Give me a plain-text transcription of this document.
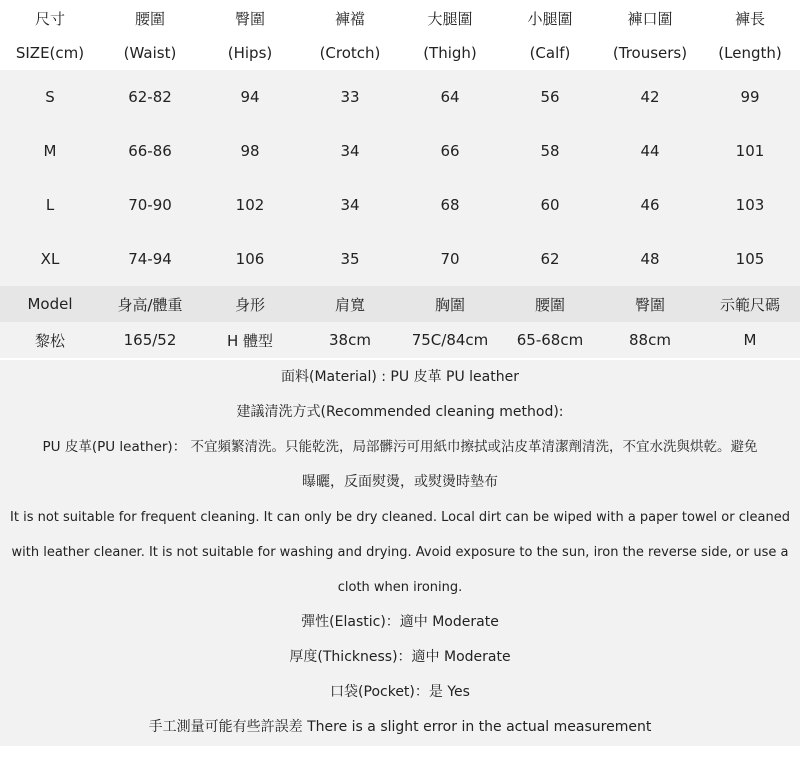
尺寸	腰圍	臀圍	褲襠	大腿圍	小腿圍	褲口圍	褲長
SIZE(cm)	(Waist)	(Hips)	(Crotch)	(Thigh)	(Calf)	(Trousers)	(Length)
S	62-82	94	33	64	56	42	99
M	66-86	98	34	66	58	44	101
L	70-90	102	34	68	60	46	103
XL	74-94	106	35	70	62	48	105
Model	身高/體重	身形	肩寬	胸圍	腰圍	臀圍	示範尺碼
黎松	165/52	H 體型	38cm	75C/84cm	65-68cm	88cm	M
面料(Material) : PU 皮革 PU leather
建議清洗方式(Recommended cleaning method):
PU 皮革(PU leather)： 不宜頻繁清洗。只能乾洗，局部髒污可用紙巾擦拭或沾皮革清潔劑清洗，不宜水洗與烘乾。避免
曝曬，反面熨燙，或熨燙時墊布
It is not suitable for frequent cleaning. It can only be dry cleaned. Local dirt can be wiped with a paper towel or cleaned
with leather cleaner. It is not suitable for washing and drying. Avoid exposure to the sun, iron the reverse side, or use a
cloth when ironing.
彈性(Elastic)：適中 Moderate
厚度(Thickness)：適中 Moderate
口袋(Pocket)：是 Yes
手工測量可能有些許誤差 There is a slight error in the actual measurement
